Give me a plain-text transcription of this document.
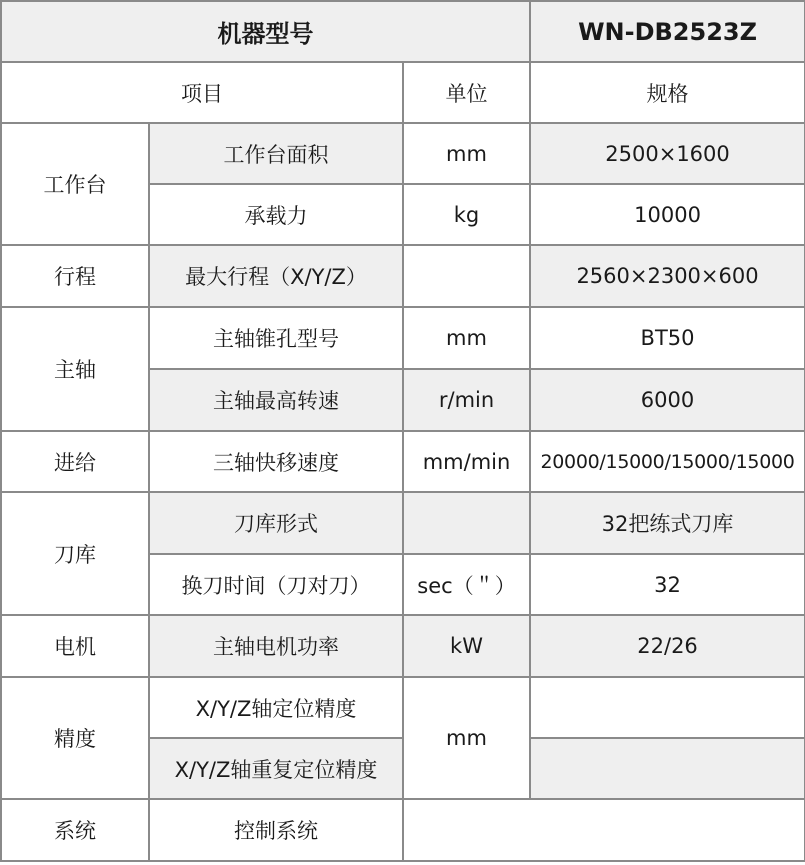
机器型号			WN-DB2523Z
项目		单位	规格
工作台	工作台面积	mm	2500×1600
	承载力	kg	10000
行程	最大行程（X/Y/Z）		2560×2300×600
主轴	主轴锥孔型号	mm	BT50
	主轴最高转速	r/min	6000
进给	三轴快移速度	mm/min	20000/15000/15000/15000
刀库	刀库形式		32把练式刀库
	换刀时间（刀对刀）	sec（＂）	32
电机	主轴电机功率	kW	22/26
精度	X/Y/Z轴定位精度	mm	
	X/Y/Z轴重复定位精度		
系统	控制系统		
